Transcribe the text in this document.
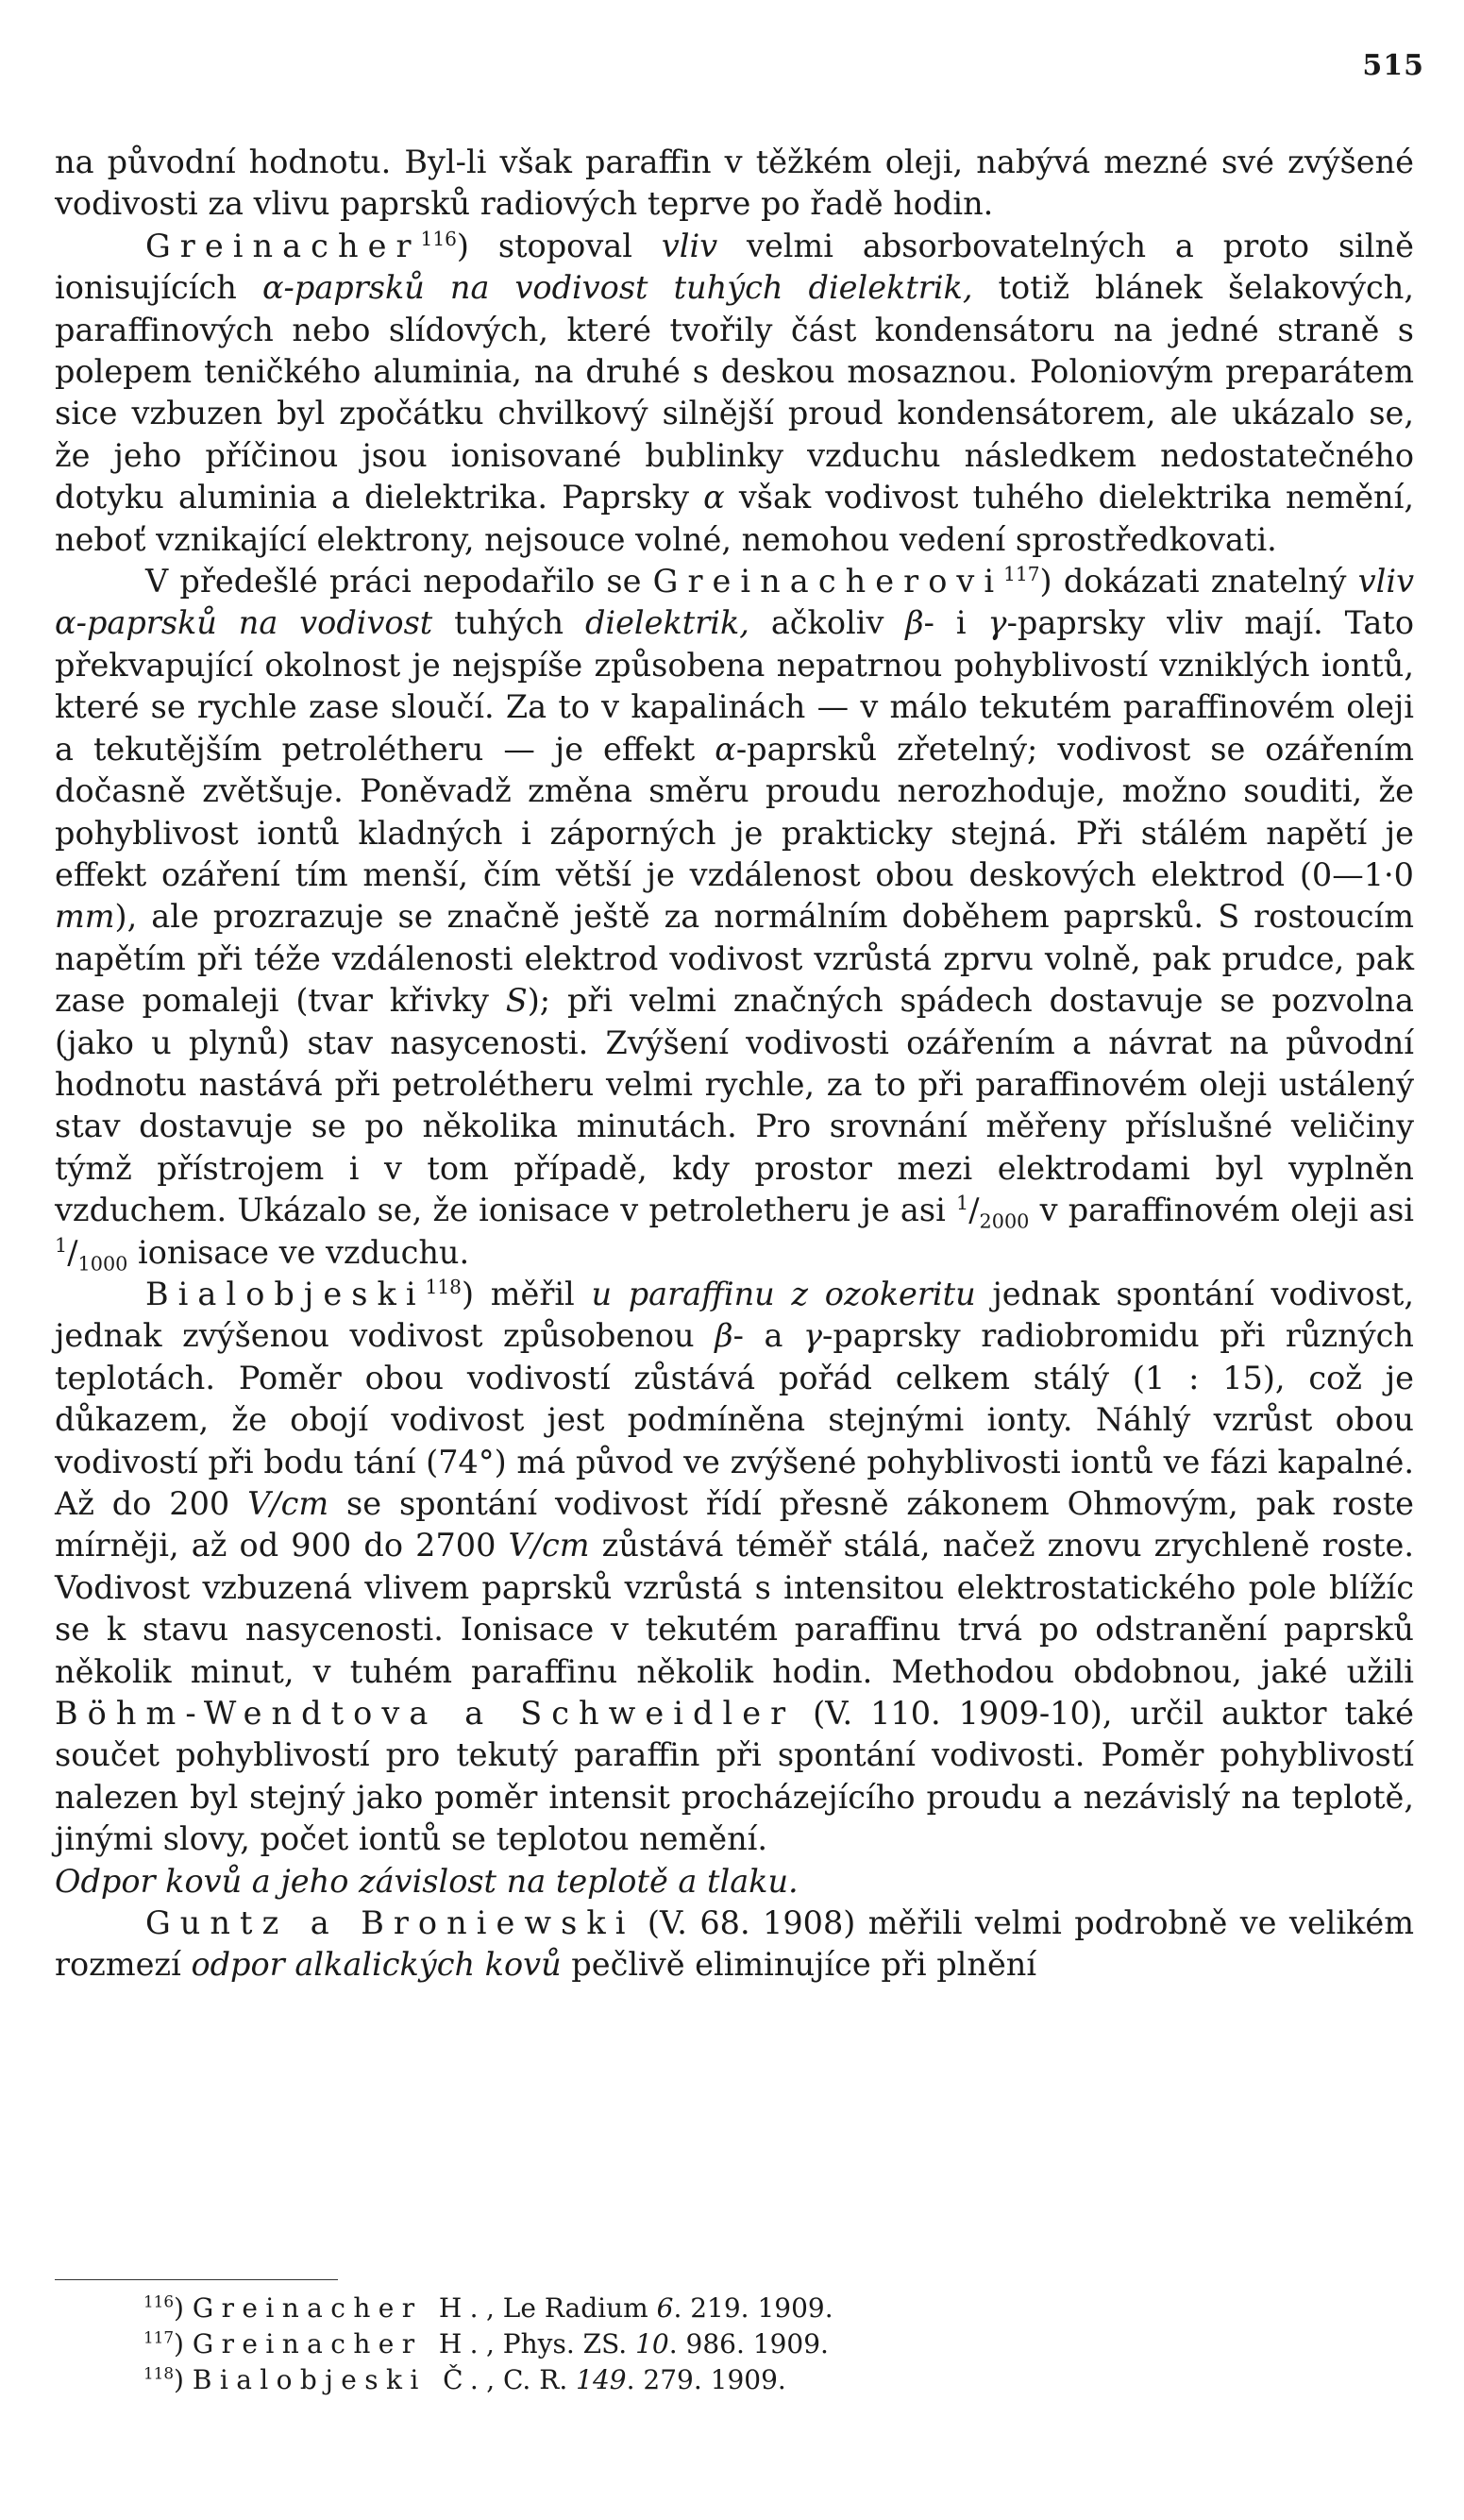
515

na původní hodnotu. Byl-li však paraffin v těžkém oleji, nabývá mezné své zvýšené vodivosti za vlivu paprsků radiových teprve po řadě hodin.

Greinacher$^{116}$) stopoval vliv velmi absorbovatelných a proto silně ionisujících α-paprsků na vodivost tuhých dielektrik, totiž blánek šelakových, paraffinových nebo slídových, které tvořily část kondensátoru na jedné straně s polepem teničkého aluminia, na druhé s deskou mosaznou. Poloniovým preparátem sice vzbuzen byl zpočátku chvilkový silnější proud kondensátorem, ale ukázalo se, že jeho příčinou jsou ionisované bublinky vzduchu následkem nedostatečného dotyku aluminia a dielektrika. Paprsky α však vodivost tuhého dielektrika nemění, neboť vznikající elektrony, nejsouce volné, nemohou vedení sprostředkovati.

V předešlé práci nepodařilo se Greinacherovi$^{117}$) dokázati znatelný vliv α-paprsků na vodivost tuhých dielektrik, ačkoliv β- i γ-paprsky vliv mají. Tato překvapující okolnost je nejspíše způsobena nepatrnou pohyblivostí vzniklých iontů, které se rychle zase sloučí. Za to v kapalinách — v málo tekutém paraffinovém oleji a tekutějším petrolétheru — je effekt α-paprsků zřetelný; vodivost se ozářením dočasně zvětšuje. Poněvadž změna směru proudu nerozhoduje, možno souditi, že pohyblivost iontů kladných i záporných je prakticky stejná. Při stálém napětí je effekt ozáření tím menší, čím větší je vzdálenost obou deskových elektrod (0—1·0 mm), ale prozrazuje se značně ještě za normálním doběhem paprsků. S rostoucím napětím při téže vzdálenosti elektrod vodivost vzrůstá zprvu volně, pak prudce, pak zase pomaleji (tvar křivky S); při velmi značných spádech dostavuje se pozvolna (jako u plynů) stav nasycenosti. Zvýšení vodivosti ozářením a návrat na původní hodnotu nastává při petrolétheru velmi rychle, za to při paraffinovém oleji ustálený stav dostavuje se po několika minutách. Pro srovnání měřeny příslušné veličiny týmž přístrojem i v tom případě, kdy prostor mezi elektrodami byl vyplněn vzduchem. Ukázalo se, že ionisace v petroletheru je asi $^1/_{2000}$ v paraffinovém oleji asi $^1/_{1000}$ ionisace ve vzduchu.

Bialobjeski$^{118}$) měřil u paraffinu z ozokeritu jednak spontání vodivost, jednak zvýšenou vodivost způsobenou β- a γ-paprsky radiobromidu při různých teplotách. Poměr obou vodivostí zůstává pořád celkem stálý (1 : 15), což je důkazem, že obojí vodivost jest podmíněna stejnými ionty. Náhlý vzrůst obou vodivostí při bodu tání (74°) má původ ve zvýšené pohyblivosti iontů ve fázi kapalné. Až do 200 V/cm se spontání vodivost řídí přesně zákonem Ohmovým, pak roste mírněji, až od 900 do 2700 V/cm zůstává téměř stálá, načež znovu zrychleně roste. Vodivost vzbuzená vlivem paprsků vzrůstá s intensitou elektrostatického pole blížíc se k stavu nasycenosti. Ionisace v tekutém paraffinu trvá po odstranění paprsků několik minut, v tuhém paraffinu několik hodin. Methodou obdobnou, jaké užili Böhm-Wendtova a Schweidler (V. 110. 1909-10), určil auktor také součet pohyblivostí pro tekutý paraffin při spontání vodivosti. Poměr pohyblivostí nalezen byl stejný jako poměr intensit procházejícího proudu a nezávislý na teplotě, jinými slovy, počet iontů se teplotou nemění.

Odpor kovů a jeho závislost na teplotě a tlaku.

Guntz a Broniewski (V. 68. 1908) měřili velmi podrobně ve velikém rozmezí odpor alkalických kovů pečlivě eliminujíce při plnění

$^{116}$) Greinacher H., Le Radium 6. 219. 1909.

$^{117}$) Greinacher H., Phys. ZS. 10. 986. 1909.

$^{118}$) Bialobjeski Č., C. R. 149. 279. 1909.
